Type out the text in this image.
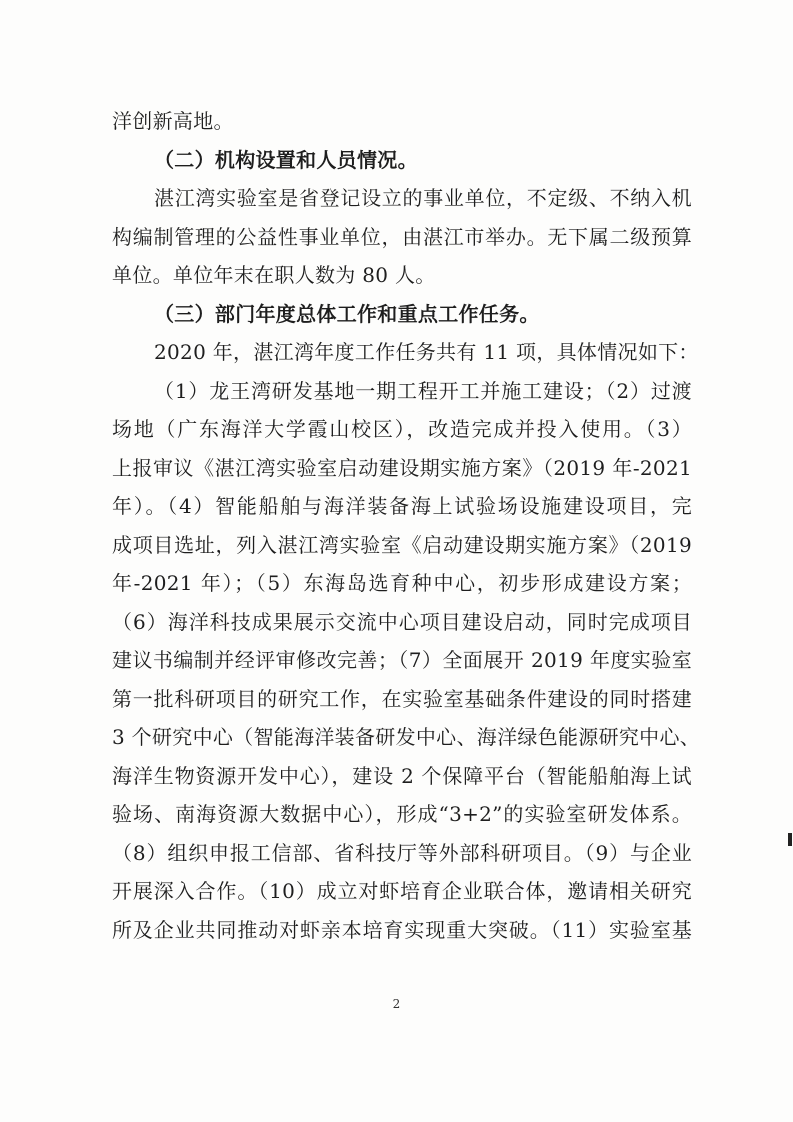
洋创新高地。
（二）机构设置和人员情况。
湛江湾实验室是省登记设立的事业单位，不定级、不纳入机
构编制管理的公益性事业单位，由湛江市举办。无下属二级预算
单位。单位年末在职人数为 80 人。
（三）部门年度总体工作和重点工作任务。
2020 年，湛江湾年度工作任务共有 11 项，具体情况如下：
（1）龙王湾研发基地一期工程开工并施工建设；（2）过渡
场地（广东海洋大学霞山校区），改造完成并投入使用。（3）
上报审议《湛江湾实验室启动建设期实施方案》（2019 年-2021
年）。（4）智能船舶与海洋装备海上试验场设施建设项目，完
成项目选址，列入湛江湾实验室《启动建设期实施方案》（2019
年-2021 年）；（5）东海岛选育种中心，初步形成建设方案；
（6）海洋科技成果展示交流中心项目建设启动，同时完成项目
建议书编制并经评审修改完善；（7）全面展开 2019 年度实验室
第一批科研项目的研究工作，在实验室基础条件建设的同时搭建
3 个研究中心（智能海洋装备研发中心、海洋绿色能源研究中心、
海洋生物资源开发中心），建设 2 个保障平台（智能船舶海上试
验场、南海资源大数据中心），形成“3+2”的实验室研发体系。
（8）组织申报工信部、省科技厅等外部科研项目。（9）与企业
开展深入合作。（10）成立对虾培育企业联合体，邀请相关研究
所及企业共同推动对虾亲本培育实现重大突破。（11）实验室基
2
